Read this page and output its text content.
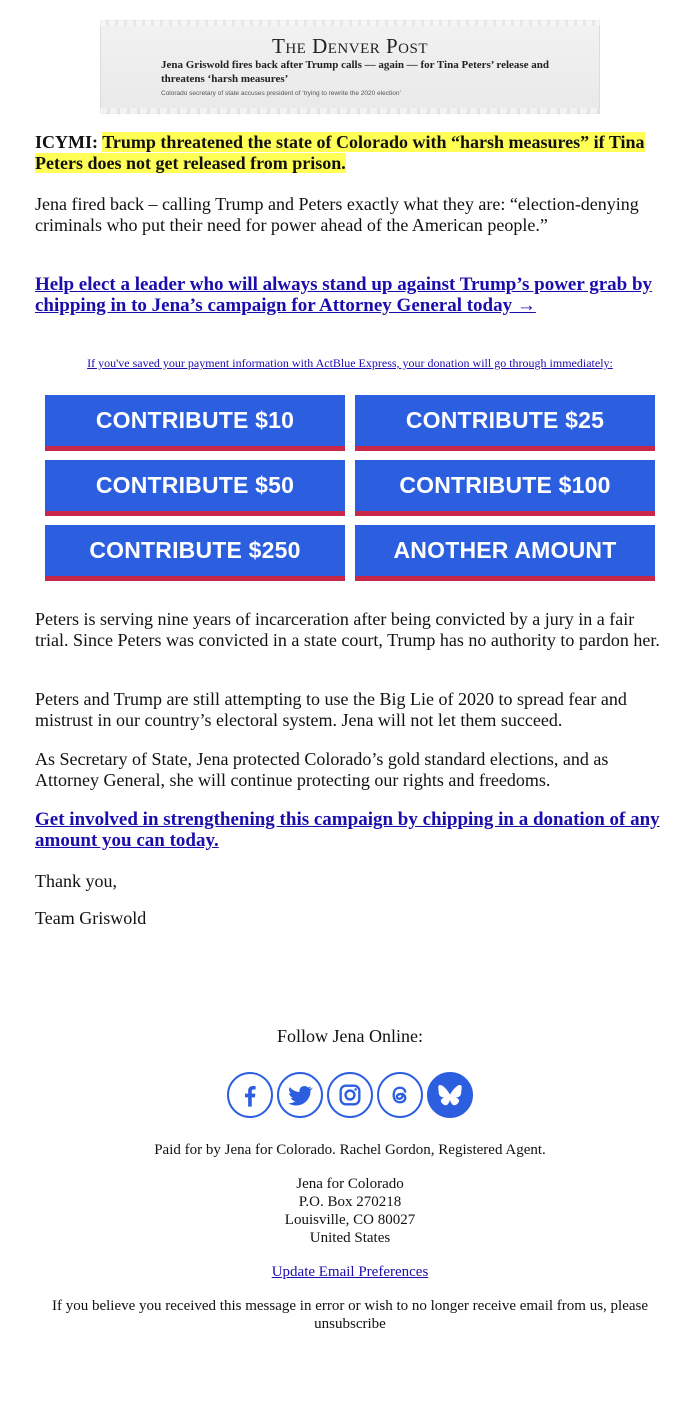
The Denver Post
Jena Griswold fires back after Trump calls — again — for Tina Peters’ release and threatens ‘harsh measures’
Colorado secretary of state accuses president of ‘trying to rewrite the 2020 election’

ICYMI: Trump threatened the state of Colorado with “harsh measures” if Tina Peters does not get released from prison.

Jena fired back – calling Trump and Peters exactly what they are: “election-denying criminals who put their need for power ahead of the American people.”

Help elect a leader who will always stand up against Trump’s power grab by chipping in to Jena’s campaign for Attorney General today →

If you've saved your payment information with ActBlue Express, your donation will go through immediately:
CONTRIBUTE $10	CONTRIBUTE $25
CONTRIBUTE $50	CONTRIBUTE $100
CONTRIBUTE $250	ANOTHER AMOUNT

Peters is serving nine years of incarceration after being convicted by a jury in a fair trial. Since Peters was convicted in a state court, Trump has no authority to pardon her.

Peters and Trump are still attempting to use the Big Lie of 2020 to spread fear and mistrust in our country’s electoral system. Jena will not let them succeed.

As Secretary of State, Jena protected Colorado’s gold standard elections, and as Attorney General, she will continue protecting our rights and freedoms.

Get involved in strengthening this campaign by chipping in a donation of any amount you can today.

Thank you,

Team Griswold

Follow Jena Online:
Paid for by Jena for Colorado. Rachel Gordon, Registered Agent.
Jena for Colorado
P.O. Box 270218
Louisville, CO 80027
United States
Update Email Preferences
If you believe you received this message in error or wish to no longer receive email from us, please unsubscribe
